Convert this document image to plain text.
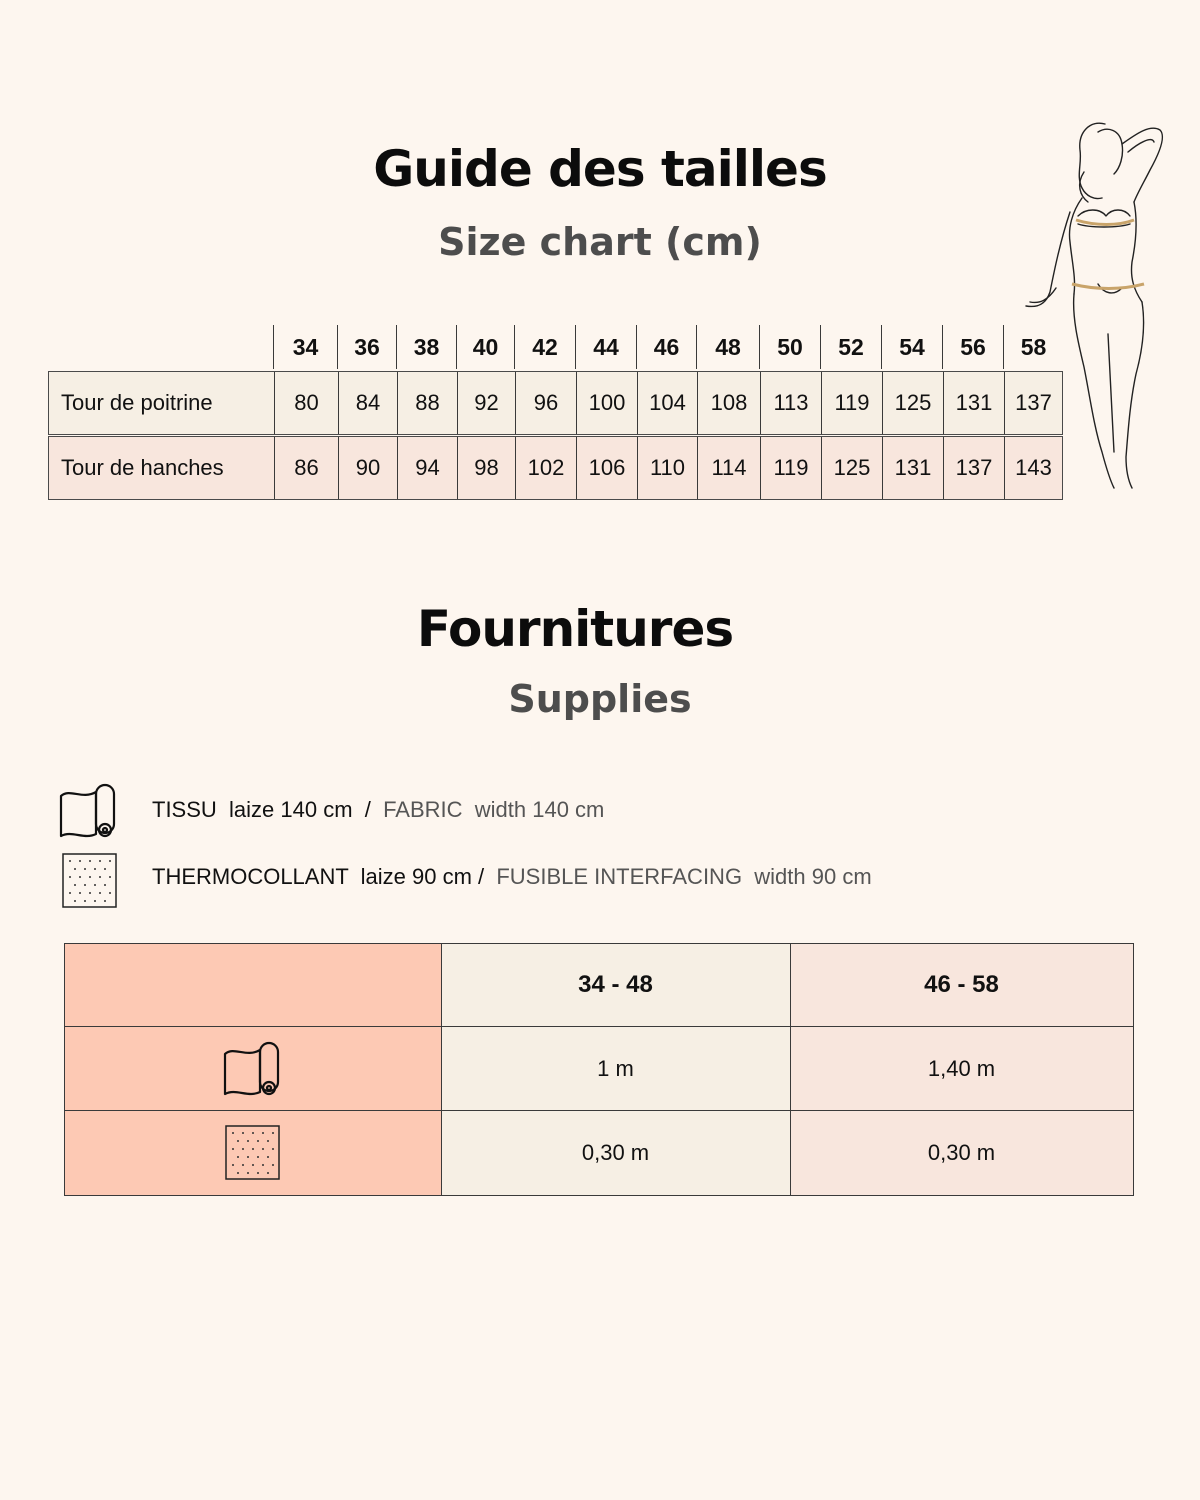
Guide des tailles
Size chart (cm)
34	36	38	40	42	44	46	48	50	52	54	56	58
Tour de poitrine	80	84	88	92	96	100	104	108	113	119	125	131	137
Tour de hanches	86	90	94	98	102	106	110	114	119	125	131	137	143
Fournitures
Supplies
TISSU  laize 140 cm  /  FABRIC  width 140 cm
THERMOCOLLANT  laize 90 cm /  FUSIBLE INTERFACING  width 90 cm
34 - 48	46 - 58
1 m	1,40 m
0,30 m	0,30 m
